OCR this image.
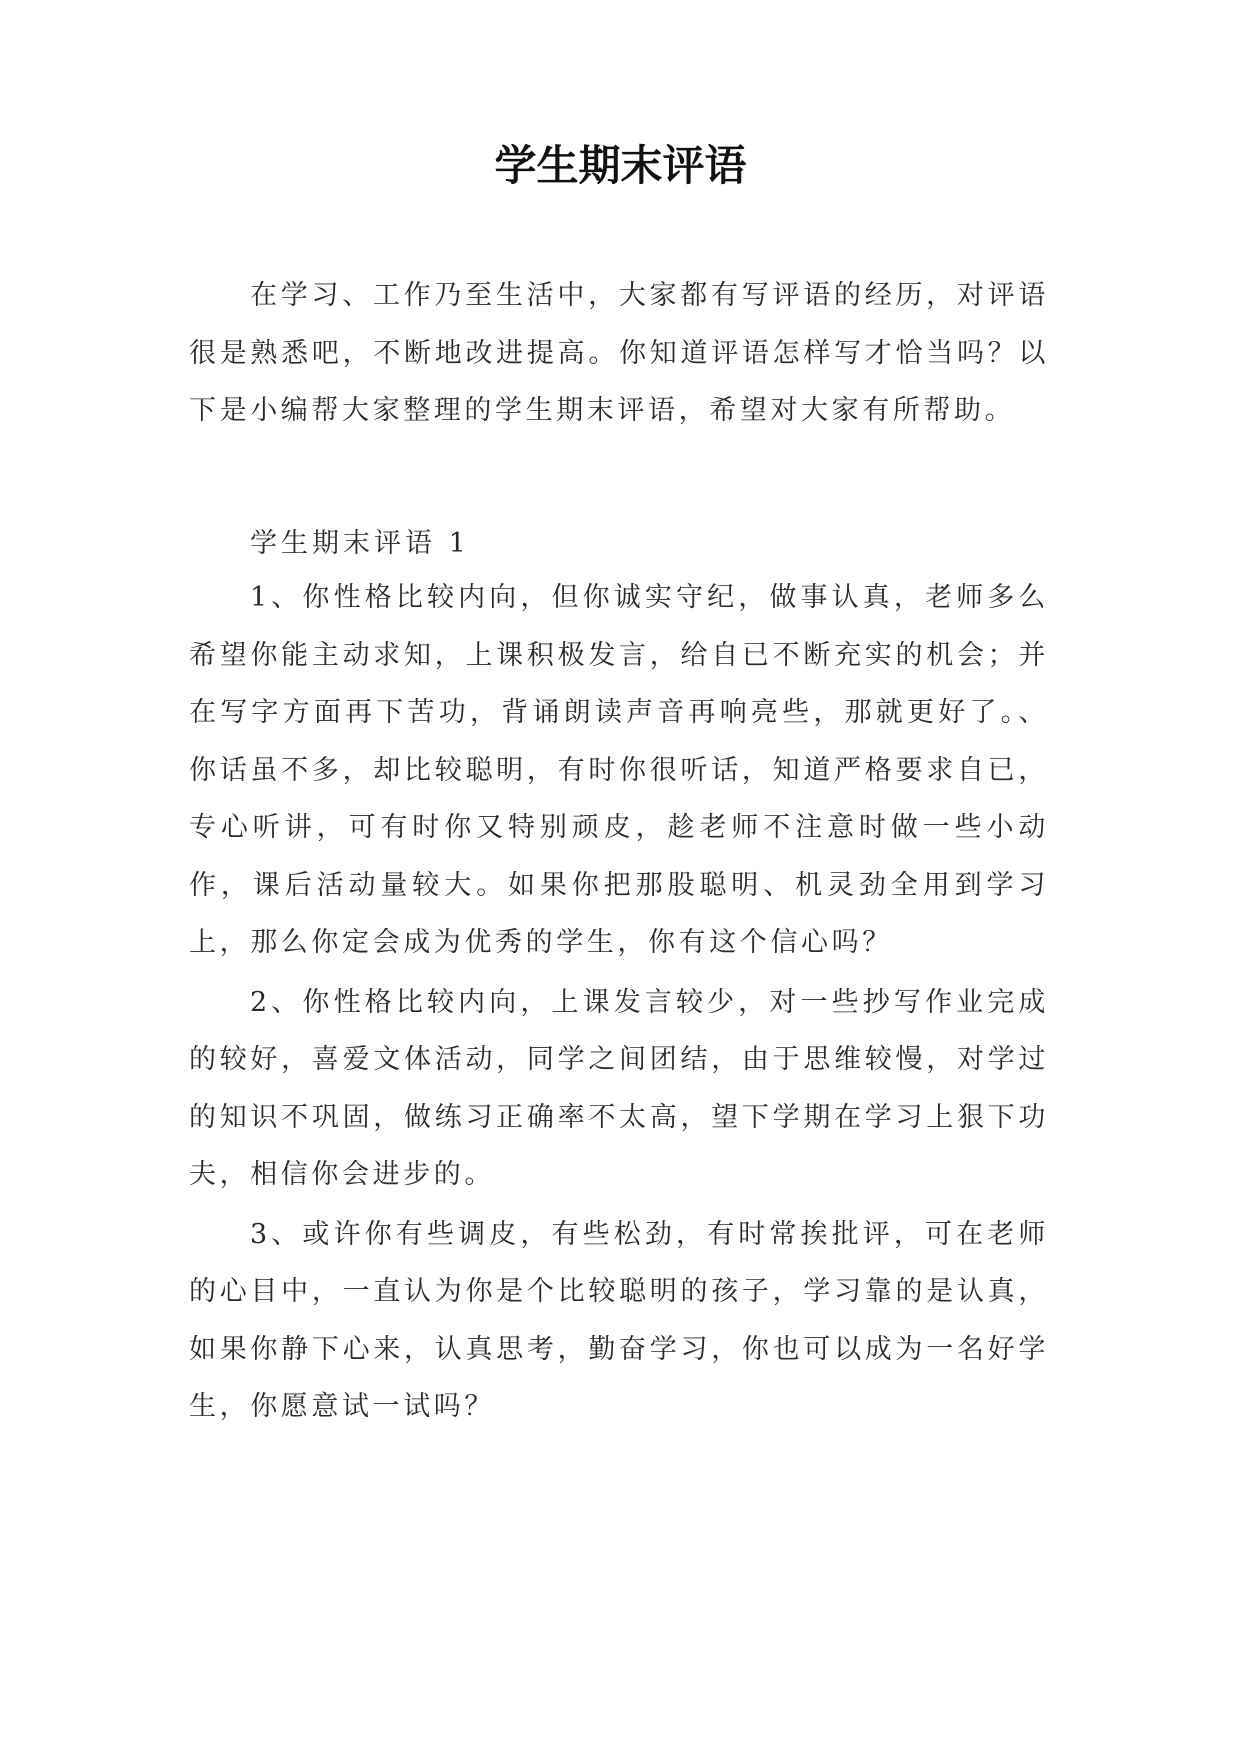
学生期末评语

在学习、工作乃至生活中，大家都有写评语的经历，对评语很是熟悉吧，不断地改进提高。你知道评语怎样写才恰当吗？以下是小编帮大家整理的学生期末评语，希望对大家有所帮助。

学生期末评语 1

1、你性格比较内向，但你诚实守纪，做事认真，老师多么希望你能主动求知，上课积极发言，给自已不断充实的机会；并在写字方面再下苦功，背诵朗读声音再响亮些，那就更好了。、你话虽不多，却比较聪明，有时你很听话，知道严格要求自已，专心听讲，可有时你又特别顽皮，趁老师不注意时做一些小动作，课后活动量较大。如果你把那股聪明、机灵劲全用到学习上，那么你定会成为优秀的学生，你有这个信心吗？

2、你性格比较内向，上课发言较少，对一些抄写作业完成的较好，喜爱文体活动，同学之间团结，由于思维较慢，对学过的知识不巩固，做练习正确率不太高，望下学期在学习上狠下功夫，相信你会进步的。

3、或许你有些调皮，有些松劲，有时常挨批评，可在老师的心目中，一直认为你是个比较聪明的孩子，学习靠的是认真，如果你静下心来，认真思考，勤奋学习，你也可以成为一名好学生，你愿意试一试吗？
